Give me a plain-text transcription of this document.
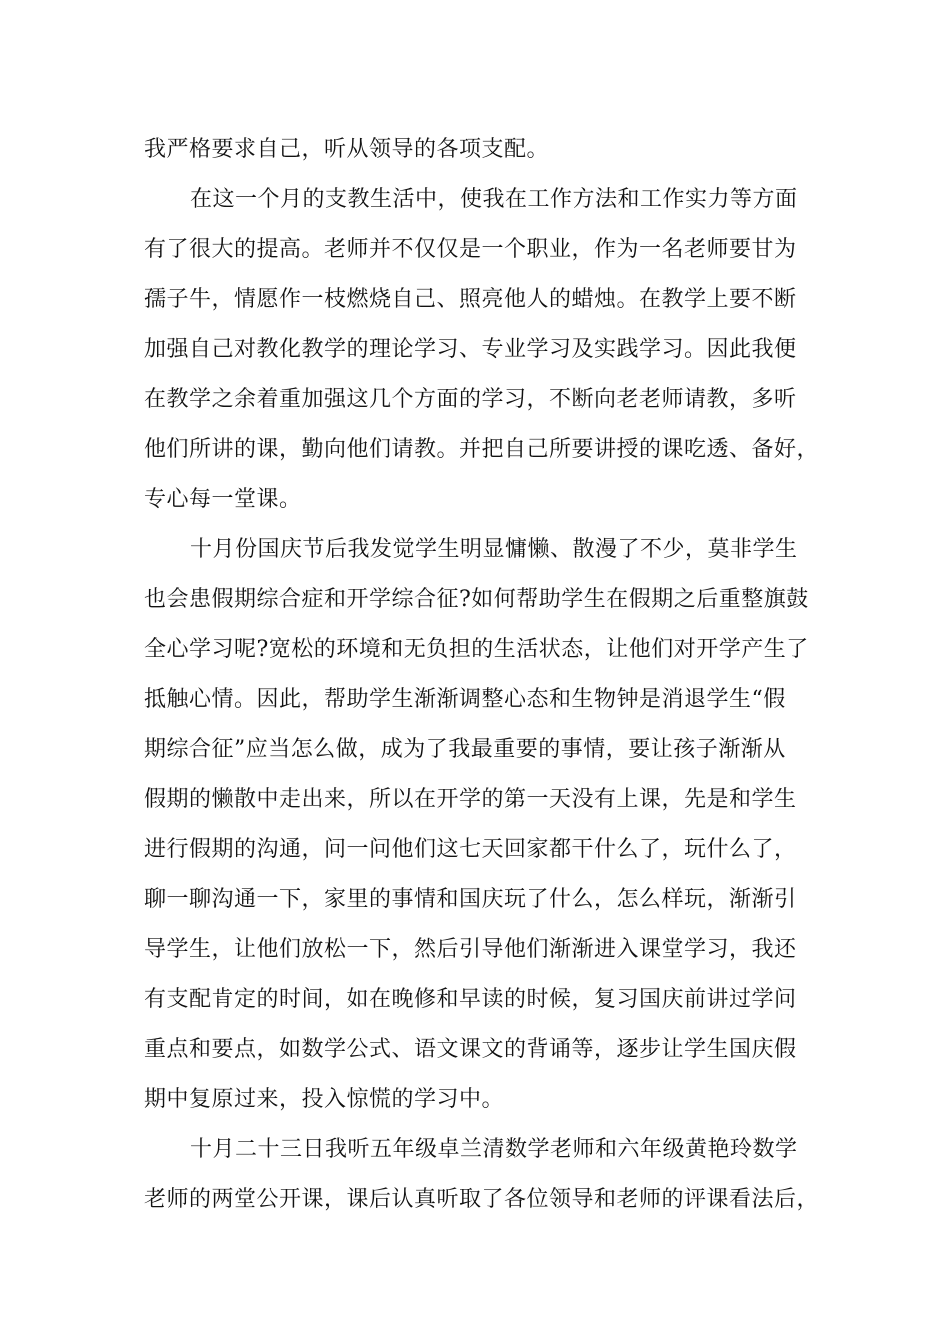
我严格要求自己，听从领导的各项支配。
在这一个月的支教生活中，使我在工作方法和工作实力等方面
有了很大的提高。老师并不仅仅是一个职业，作为一名老师要甘为
孺子牛，情愿作一枝燃烧自己、照亮他人的蜡烛。在教学上要不断
加强自己对教化教学的理论学习、专业学习及实践学习。因此我便
在教学之余着重加强这几个方面的学习，不断向老老师请教，多听
他们所讲的课，勤向他们请教。并把自己所要讲授的课吃透、备好，
专心每一堂课。
十月份国庆节后我发觉学生明显慵懒、散漫了不少，莫非学生
也会患假期综合症和开学综合征?如何帮助学生在假期之后重整旗鼓
全心学习呢?宽松的环境和无负担的生活状态，让他们对开学产生了
抵触心情。因此，帮助学生渐渐调整心态和生物钟是消退学生“假
期综合征”应当怎么做，成为了我最重要的事情，要让孩子渐渐从
假期的懒散中走出来，所以在开学的第一天没有上课，先是和学生
进行假期的沟通，问一问他们这七天回家都干什么了，玩什么了，
聊一聊沟通一下，家里的事情和国庆玩了什么，怎么样玩，渐渐引
导学生，让他们放松一下，然后引导他们渐渐进入课堂学习，我还
有支配肯定的时间，如在晚修和早读的时候，复习国庆前讲过学问
重点和要点，如数学公式、语文课文的背诵等，逐步让学生国庆假
期中复原过来，投入惊慌的学习中。
十月二十三日我听五年级卓兰清数学老师和六年级黄艳玲数学
老师的两堂公开课，课后认真听取了各位领导和老师的评课看法后，
